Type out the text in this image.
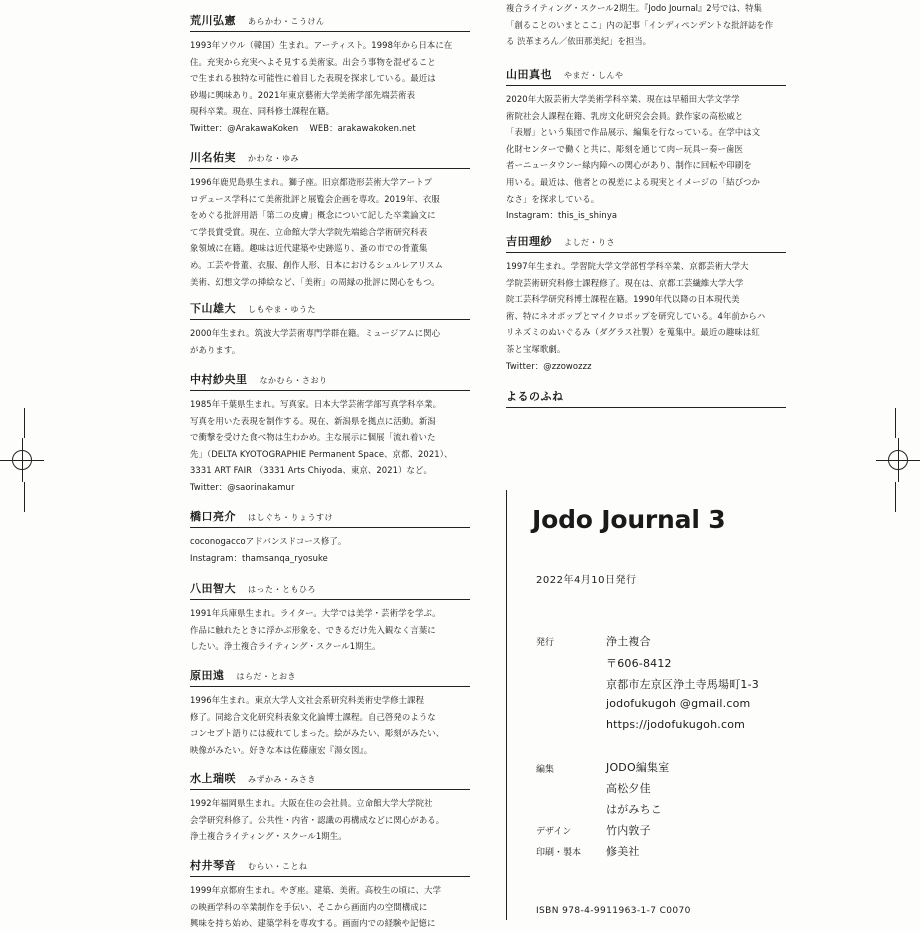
荒川弘憲 あらかわ・こうけん
1993年ソウル（韓国）生まれ。アーティスト。1998年から日本に在
住。充実から充実へよそ見する美術家。出会う事物を混ぜること
で生まれる独特な可能性に着目した表現を探求している。最近は
砂場に興味あり。2021年東京藝術大学美術学部先端芸術表
現科卒業。現在、同科修士課程在籍。
Twitter：@ArakawaKoken　 WEB：arakawakoken.net
川名佑実 かわな・ゆみ
1996年鹿児島県生まれ。獅子座。旧京都造形芸術大学アートプ
ロデュース学科にて美術批評と展覧会企画を専攻。2019年、衣服
をめぐる批評用語「第二の皮膚」概念について記した卒業論文に
て学長賞受賞。現在、立命館大学大学院先端総合学術研究科表
象領域に在籍。趣味は近代建築や史跡巡り、蚤の市での骨董集
め。工芸や骨董、衣服、創作人形、日本におけるシュルレアリスム
美術、幻想文学の挿絵など、「美術」の周縁の批評に関心をもつ。
下山雄大 しもやま・ゆうた
2000年生まれ。筑波大学芸術専門学群在籍。ミュージアムに関心
があります。
中村紗央里 なかむら・さおり
1985年千葉県生まれ。写真家。日本大学芸術学部写真学科卒業。
写真を用いた表現を制作する。現在、新潟県を拠点に活動。新潟
で衝撃を受けた食べ物は生わかめ。主な展示に個展「流れ着いた
先」（DELTA KYOTOGRAPHIE Permanent Space、京都、2021）、
3331 ART FAIR （3331 Arts Chiyoda、東京、2021）など。
Twitter：@saorinakamur
橋口亮介 はしぐち・りょうすけ
coconogaccoアドバンスドコース修了。
Instagram：thamsanqa_ryosuke
八田智大 はった・ともひろ
1991年兵庫県生まれ。ライター。大学では美学・芸術学を学ぶ。
作品に触れたときに浮かぶ形象を、できるだけ先入観なく言葉に
したい。浄土複合ライティング・スクール1期生。
原田遠 はらだ・とおき
1996年生まれ。東京大学人文社会系研究科美術史学修士課程
修了。同総合文化研究科表象文化論博士課程。自己啓発のような
コンセプト語りには疲れてしまった。絵がみたい、彫刻がみたい、
映像がみたい。好きな本は佐藤康宏『湯女図』。
水上瑞咲 みずかみ・みさき
1992年福岡県生まれ。大阪在住の会社員。立命館大学大学院社
会学研究科修了。公共性・内省・認識の再構成などに関心がある。
浄土複合ライティング・スクール1期生。
村井琴音 むらい・ことね
1999年京都府生まれ。やぎ座。建築、美術。高校生の頃に、大学
の映画学科の卒業制作を手伝い、そこから画面内の空間構成に
興味を持ち始め、建築学科を専攻する。画面内での経験や記憶に
複合ライティング・スクール2期生。『Jodo Journal』2号では、特集
「創ることのいまとここ」内の記事「インディペンデントな批評誌を作
る 渋革まろん／依田那美紀」を担当。
山田真也 やまだ・しんや
2020年大阪芸術大学美術学科卒業、現在は早稲田大学文学学
術院社会人課程在籍、乳房文化研究会会員。鉄作家の高松威と
「表層」という集団で作品展示、編集を行なっている。在学中は文
化財センターで働くと共に、彫刻を通じて肉ー玩具ー奏ー歯医
者ーニュータウンー緑内障への関心があり、制作に回転や印刷を
用いる。最近は、他者との視差による現実とイメージの「結びつか
なさ」を探求している。
Instagram：this_is_shinya
吉田理紗 よしだ・りさ
1997年生まれ。学習院大学文学部哲学科卒業、京都芸術大学大
学院芸術研究科修士課程修了。現在は、京都工芸繊維大学大学
院工芸科学研究科博士課程在籍。1990年代以降の日本現代美
術、特にネオポップとマイクロポップを研究している。4年前からハ
リネズミのぬいぐるみ（ダグラス社製）を蒐集中。最近の趣味は紅
茶と宝塚歌劇。
Twitter：@zzowozzz
よるのふね
Jodo Journal 3
2022年4月10日発行
発行	浄土複合
〒606-8412
京都市左京区浄土寺馬場町1-3
jodofukugoh @gmail.com
https://jodofukugoh.com
編集	JODO編集室
高松夕佳
はがみちこ
デザイン	竹内敦子
印刷・製本 修美社
ISBN 978-4-9911963-1-7 C0070
